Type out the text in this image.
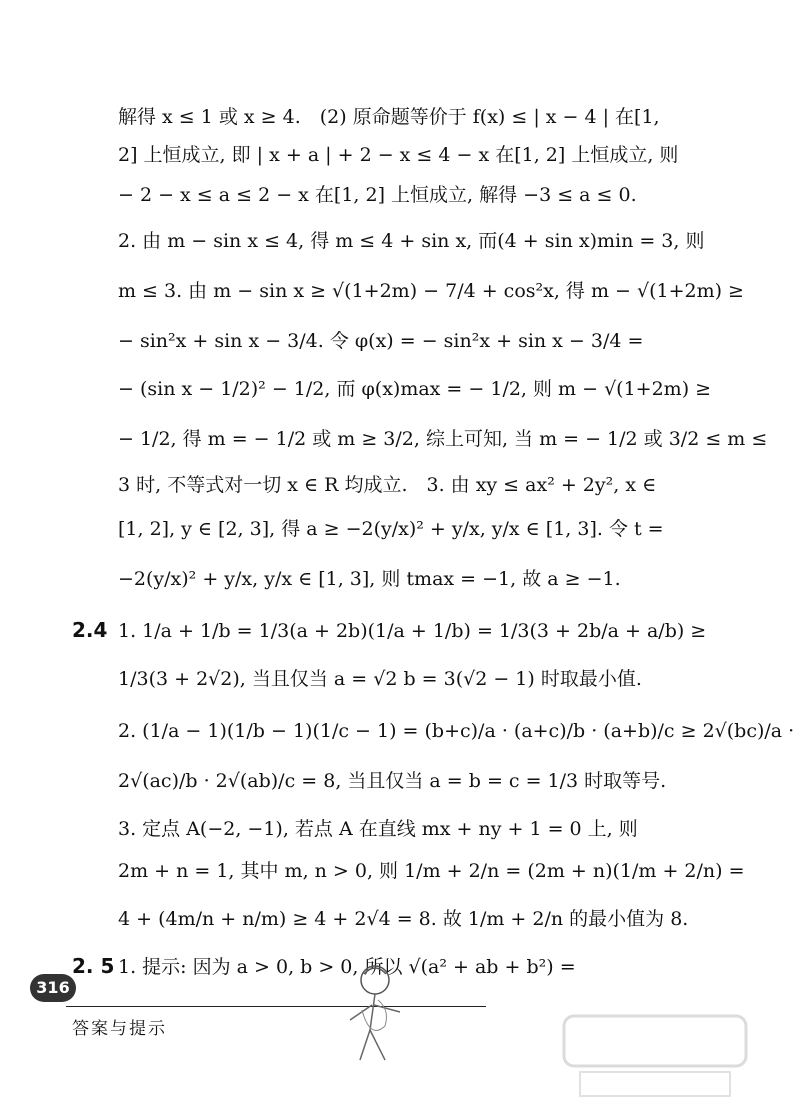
解得 x ≤ 1 或 x ≥ 4.　(2) 原命题等价于 f(x) ≤ | x − 4 | 在[1,
2] 上恒成立, 即 | x + a | + 2 − x ≤ 4 − x 在[1, 2] 上恒成立, 则
− 2 − x ≤ a ≤ 2 − x 在[1, 2] 上恒成立, 解得 −3 ≤ a ≤ 0.
2. 由 m − sin x ≤ 4, 得 m ≤ 4 + sin x, 而(4 + sin x)min = 3, 则
m ≤ 3. 由 m − sin x ≥ √(1+2m) − 7/4 + cos²x, 得 m − √(1+2m) ≥
− sin²x + sin x − 3/4. 令 φ(x) = − sin²x + sin x − 3/4 =
− (sin x − 1/2)² − 1/2, 而 φ(x)max = − 1/2, 则 m − √(1+2m) ≥
− 1/2, 得 m = − 1/2 或 m ≥ 3/2, 综上可知, 当 m = − 1/2 或 3/2 ≤ m ≤
3 时, 不等式对一切 x ∈ R 均成立.　3. 由 xy ≤ ax² + 2y², x ∈
[1, 2], y ∈ [2, 3], 得 a ≥ −2(y/x)² + y/x, y/x ∈ [1, 3]. 令 t =
−2(y/x)² + y/x, y/x ∈ [1, 3], 则 tmax = −1, 故 a ≥ −1.
2.4 1. 1/a + 1/b = 1/3(a + 2b)(1/a + 1/b) = 1/3(3 + 2b/a + a/b) ≥
1/3(3 + 2√2), 当且仅当 a = √2 b = 3(√2 − 1) 时取最小值.
2. (1/a − 1)(1/b − 1)(1/c − 1) = (b+c)/a · (a+c)/b · (a+b)/c ≥ 2√(bc)/a ·
2√(ac)/b · 2√(ab)/c = 8, 当且仅当 a = b = c = 1/3 时取等号.
3. 定点 A(−2, −1), 若点 A 在直线 mx + ny + 1 = 0 上, 则
2m + n = 1, 其中 m, n > 0, 则 1/m + 2/n = (2m + n)(1/m + 2/n) =
4 + (4m/n + n/m) ≥ 4 + 2√4 = 8. 故 1/m + 2/n 的最小值为 8.
2. 5 1. 提示: 因为 a > 0, b > 0, 所以 √(a² + ab + b²) =
316
答案与提示
